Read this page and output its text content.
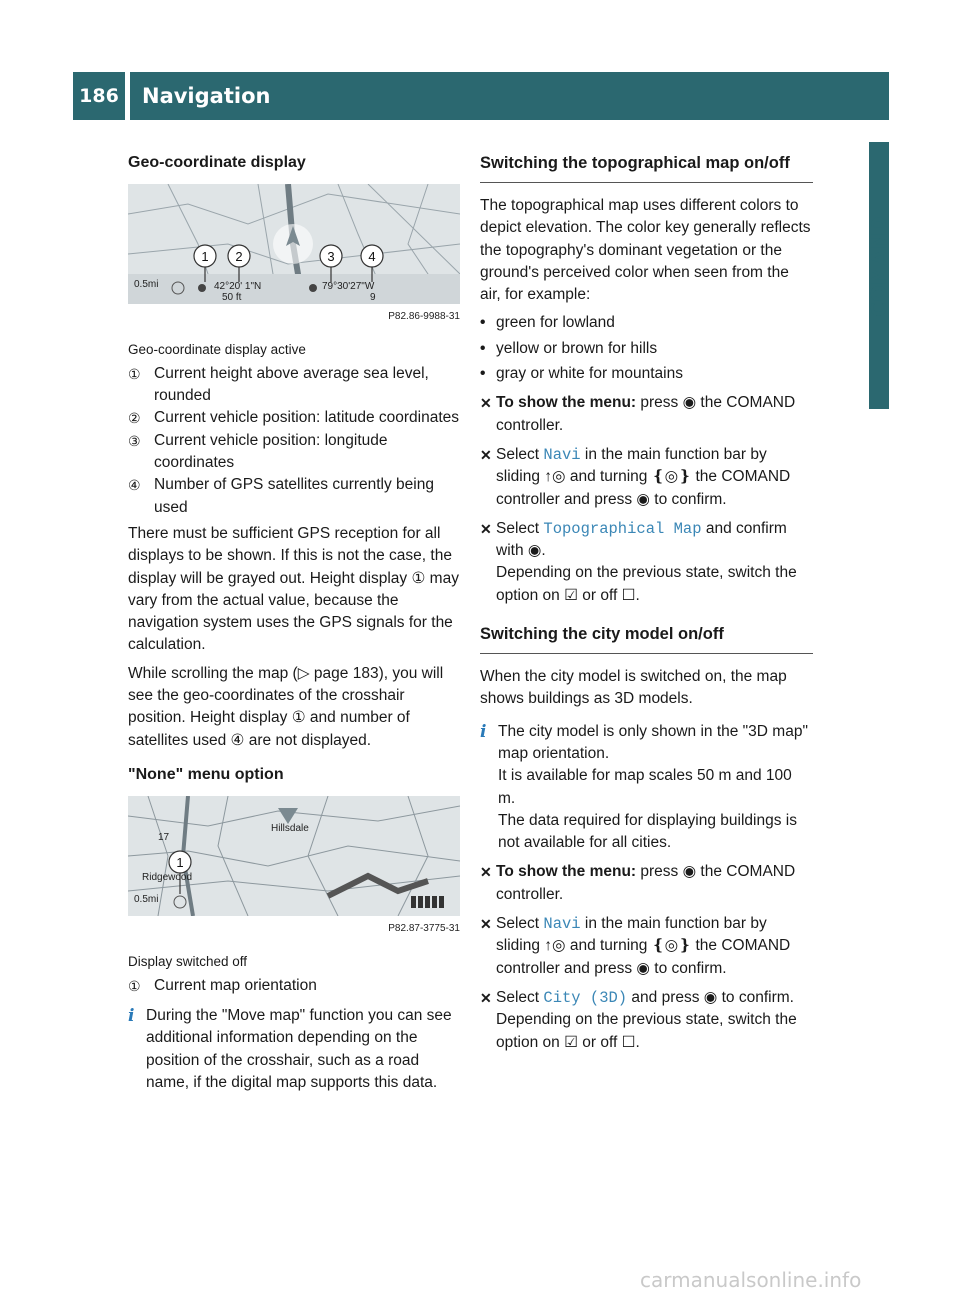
186	Navigation
COMAND
Geo-coordinate display
1 2	3	4
0.5mi	42°20' 1"N
50 ft
79°30'27"W
9
P82.86-9988-31
Geo-coordinate display active
① Current height above average sea level, rounded
② Current vehicle position: latitude coordinates
③ Current vehicle position: longitude coordinates
④ Number of GPS satellites currently being used

There must be sufficient GPS reception for all displays to be shown. If this is not the case, the display will be grayed out. Height display ① may vary from the actual value, because the navigation system uses the GPS signals for the calculation.

While scrolling the map (▷ page 183), you will see the geo-coordinates of the crosshair position. Height display ① and number of satellites used ④ are not displayed.

"None" menu option
1
Hillsdale
Ridgewood
17
0.5mi
P82.87-3775-31
Display switched off
① Current map orientation
i During the "Move map" function you can see additional information depending on the position of the crosshair, such as a road name, if the digital map supports this data.
Switching the topographical map on/off

The topographical map uses different colors to depict elevation. The color key generally reflects the topography's dominant vegetation or the ground's perceived color when seen from the air, for example:

• green for lowland
• yellow or brown for hills
• gray or white for mountains
✕ To show the menu: press ◉ the COMAND controller.
✕ Select Navi in the main function bar by sliding ↑◎ and turning ❴◎❵ the COMAND controller and press ◉ to confirm.
✕ Select Topographical Map and confirm with ◉.
Depending on the previous state, switch the option on ☑ or off ☐.
Switching the city model on/off

When the city model is switched on, the map shows buildings as 3D models.

i The city model is only shown in the "3D map" map orientation.
It is available for map scales 50 m and 100 m.
The data required for displaying buildings is not available for all cities.
✕ To show the menu: press ◉ the COMAND controller.
✕ Select Navi in the main function bar by sliding ↑◎ and turning ❴◎❵ the COMAND controller and press ◉ to confirm.
✕ Select City (3D) and press ◉ to confirm.
Depending on the previous state, switch the option on ☑ or off ☐.
carmanualsonline.info
